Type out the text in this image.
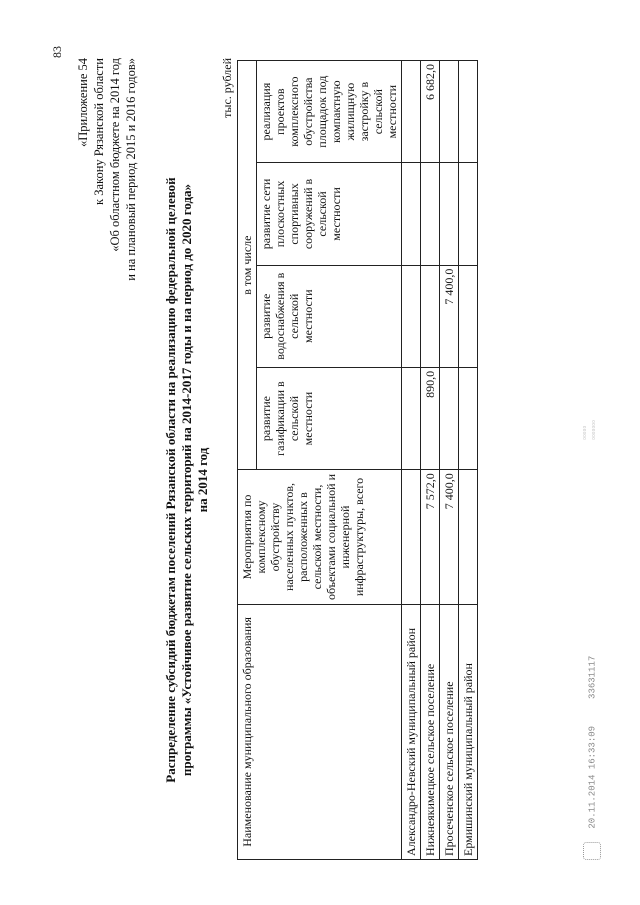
83
«Приложение 54 к Закону Рязанской области «Об областном бюджете на 2014 год и на плановый период 2015 и 2016 годов»
Распределение субсидий бюджетам поселений Рязанской области на реализацию федеральной целевой программы «Устойчивое развитие сельских территорий на 2014-2017 годы и на период до 2020 года» на 2014 год
тыс. рублей
Наименование муниципального образования	Мероприятия по комплексному обустройству населенных пунктов, расположенных в сельской местности, объектами социальной и инженерной инфраструктуры, всего	в том числе			
		развитие газификации в сельской местности	развитие водоснабжения в сельской местности	развитие сети плоскостных спортивных сооружений в сельской местности	реализация проектов комплексного обустройства площадок под компактную жилищную застройку в сельской местности
Александро-Невский муниципальный район					
Нижнеякимецкое сельское поселение	7 572,0	890,0			6 682,0
Просеченское сельское поселение	7 400,0		7 400,0		
Ермишинский муниципальный район						20.11.2014 16:33:09     33631117
▫▫▫▫▫
▫▫▫▫▫▫▫
